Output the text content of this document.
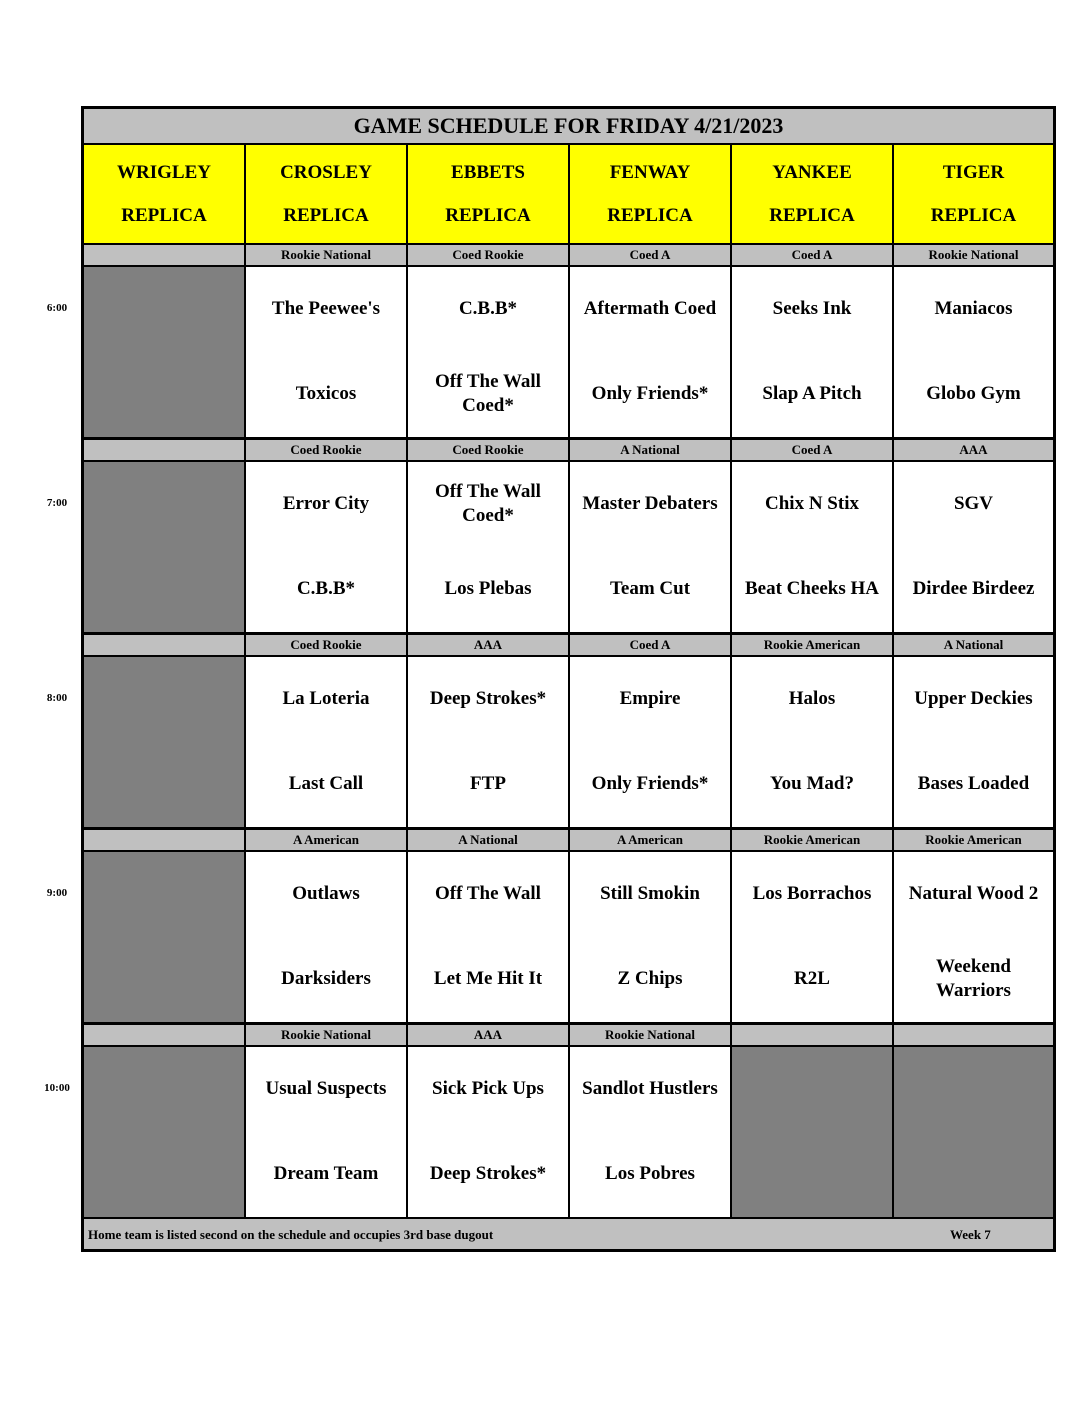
GAME SCHEDULE FOR FRIDAY 4/21/2023
WRIGLEY
REPLICA
CROSLEY
REPLICA
EBBETS
REPLICA
FENWAY
REPLICA
YANKEE
REPLICA
TIGER
REPLICA
Rookie National
The Peewee's
Toxicos
Coed Rookie
C.B.B*
Off The Wall Coed*
Coed A
Aftermath Coed
Only Friends*
Coed A
Seeks Ink
Slap A Pitch
Rookie National
Maniacos
Globo Gym
Coed Rookie
Error City
C.B.B*
Coed Rookie
Off The Wall Coed*
Los Plebas
A National
Master Debaters
Team Cut
Coed A
Chix N Stix
Beat Cheeks HA
AAA
SGV
Dirdee Birdeez
Coed Rookie
La Loteria
Last Call
AAA
Deep Strokes*
FTP
Coed A
Empire
Only Friends*
Rookie American
Halos
You Mad?
A National
Upper Deckies
Bases Loaded
A American
Outlaws
Darksiders
A National
Off The Wall
Let Me Hit It
A American
Still Smokin
Z Chips
Rookie American
Los Borrachos
R2L
Rookie American
Natural Wood 2
Weekend Warriors
Rookie National
Usual Suspects
Dream Team
AAA
Sick Pick Ups
Deep Strokes*
Rookie National
Sandlot Hustlers
Los Pobres
Home team is listed second on the schedule and occupies 3rd base dugout	Week 7
6:00
7:00
8:00
9:00
10:00
